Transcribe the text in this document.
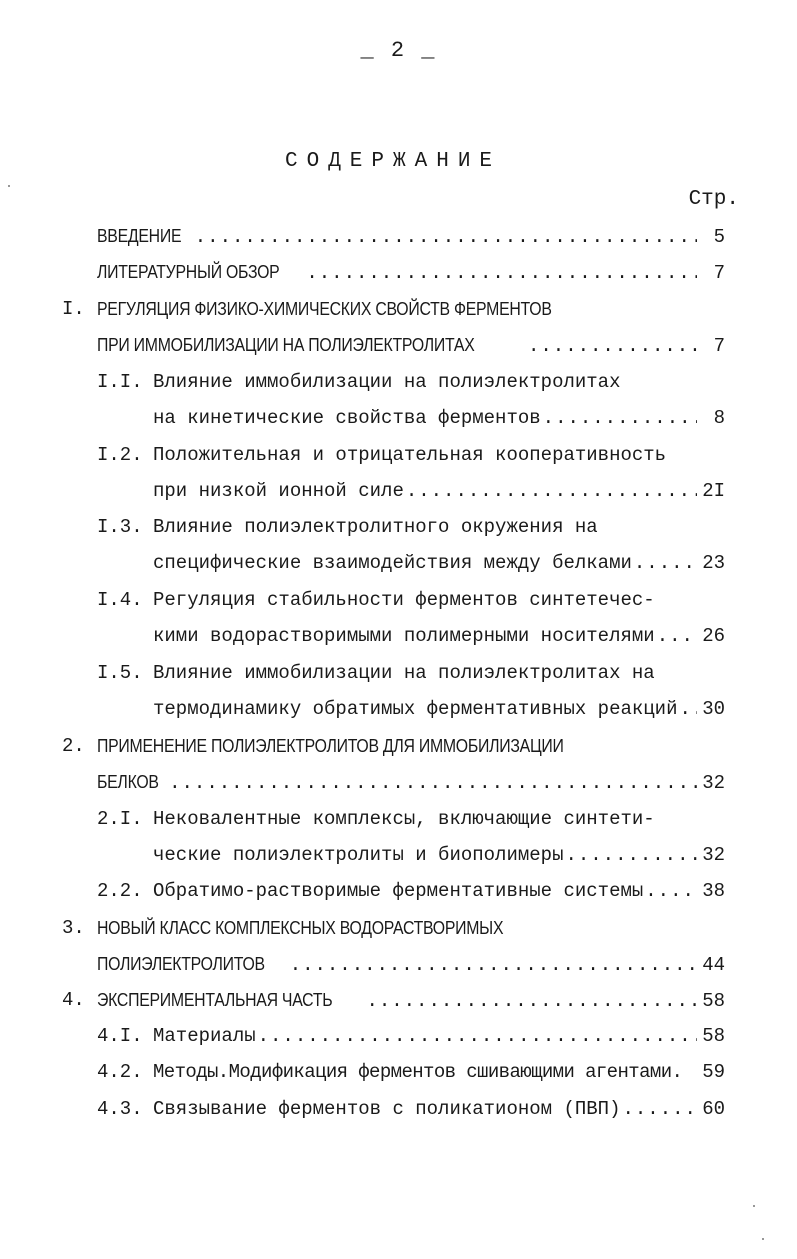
_ 2 _
СОДЕРЖАНИЕ
Стр.
ВВЕДЕНИЕ .....	5
ЛИТЕРАТУРНЫЙ ОБЗОР .....	7
I. РЕГУЛЯЦИЯ ФИЗИКО-ХИМИЧЕСКИХ СВОЙСТВ ФЕРМЕНТОВ
ПРИ ИММОБИЛИЗАЦИИ НА ПОЛИЭЛЕКТРОЛИТАХ .....	7
I.I. Влияние иммобилизации на полиэлектролитах
на кинетические свойства ферментов .....	8
I.2. Положительная и отрицательная кооперативность
при низкой ионной силе .....	2I
I.3. Влияние полиэлектролитного окружения на
специфические взаимодействия между белками .....	23
I.4. Регуляция стабильности ферментов синтетечес-
кими водорастворимыми полимерными носителями .....	26
I.5. Влияние иммобилизации на полиэлектролитах на
термодинамику обратимых ферментативных реакций ..... 30
2. ПРИМЕНЕНИЕ ПОЛИЭЛЕКТРОЛИТОВ ДЛЯ ИММОБИЛИЗАЦИИ
БЕЛКОВ .....	32
2.I. Нековалентные комплексы, включающие синтети-
ческие полиэлектролиты и биополимеры .....	32
2.2. Обратимо-растворимые ферментативные системы .....	38
3. НОВЫЙ КЛАСС КОМПЛЕКСНЫХ ВОДОРАСТВОРИМЫХ
ПОЛИЭЛЕКТРОЛИТОВ .....	44
4. ЭКСПЕРИМЕНТАЛЬНАЯ ЧАСТЬ .....	58
4.I. Материалы .....	58
4.2. Методы.Модификация ферментов сшивающими агентами. 59
4.3. Связывание ферментов с поликатионом (ПВП) .....	60
